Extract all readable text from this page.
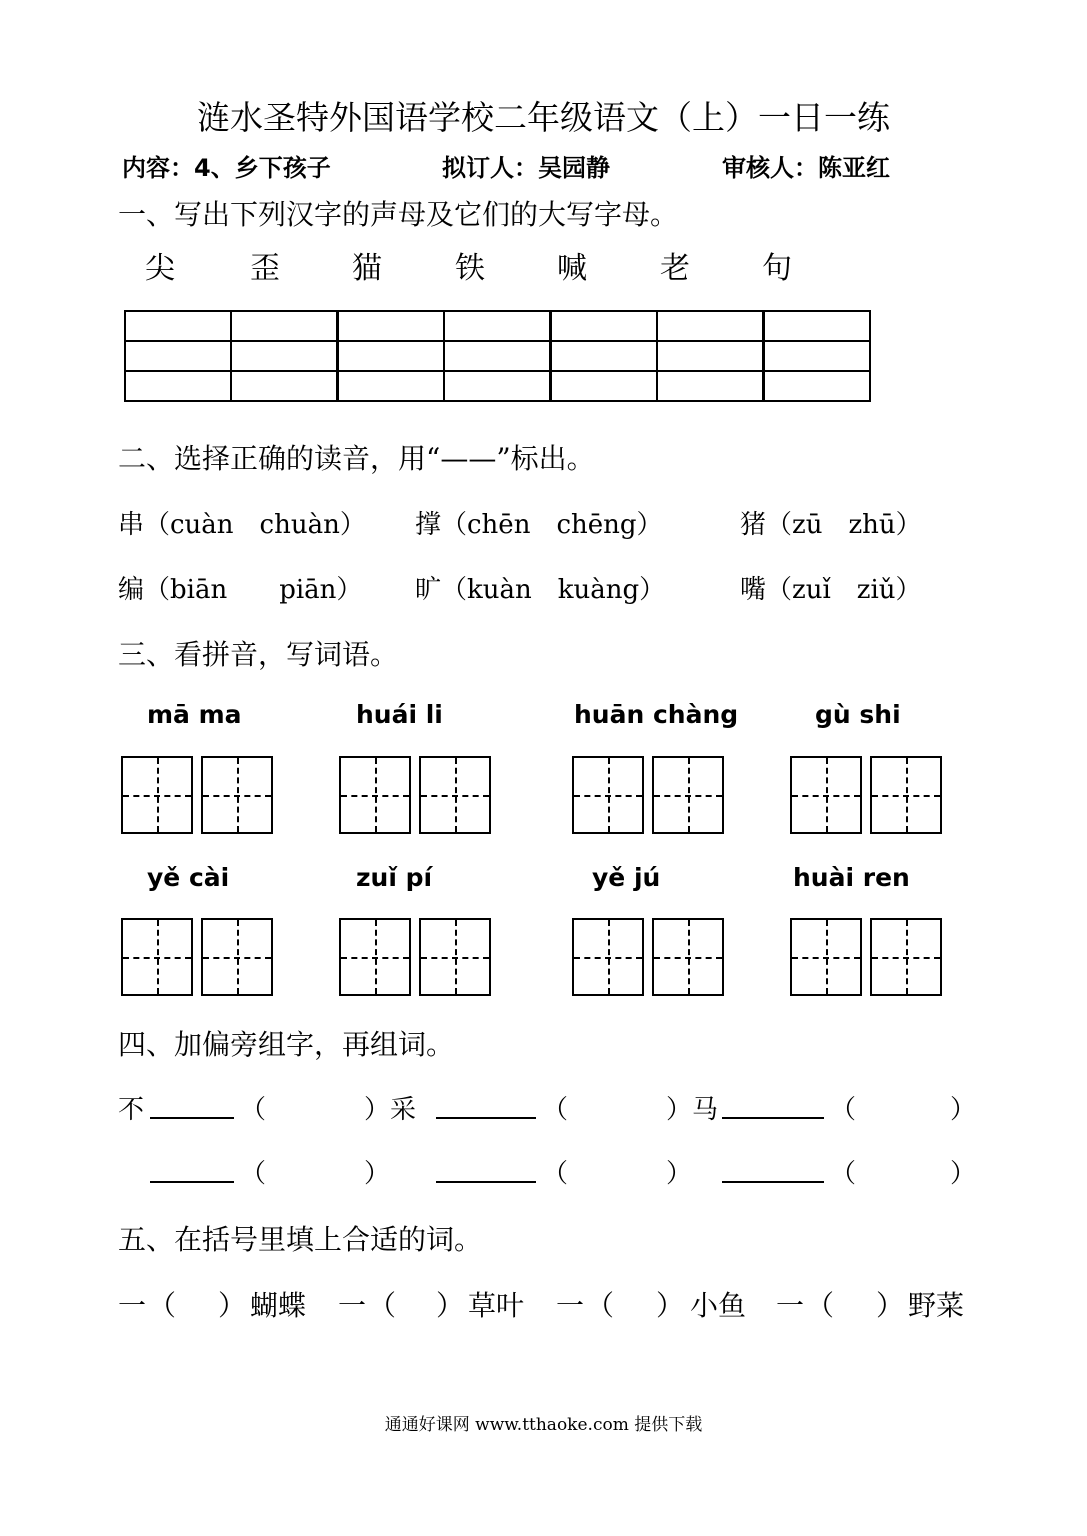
涟水圣特外国语学校二年级语文（上）一日一练
内容：4、乡下孩子	拟订人：吴园静	审核人：陈亚红
一、写出下列汉字的声母及它们的大写字母。
尖	歪 猫 铁 喊 老 句

二、选择正确的读音，用“——”标出。
串（cuàn　chuàn） 撑（chēn　chēng）	猪（zū　zhū）
编（biān　　piān） 旷（kuàn　kuàng）	嘴（zuǐ　ziǔ）
三、看拼音，写词语。
mā ma	huái li	huān chàng	gù shi
yě cài	zuǐ pí	yě jú	huài ren
四、加偏旁组字，再组词。
不	（	）采	（	）马	（	）
（	）	（	）	（	）
五、在括号里填上合适的词。
一 （ ） 蝴蝶 一 （ ） 草叶 一 （ ） 小鱼 一 （ ） 野菜
通通好课网 www.tthaoke.com 提供下载
